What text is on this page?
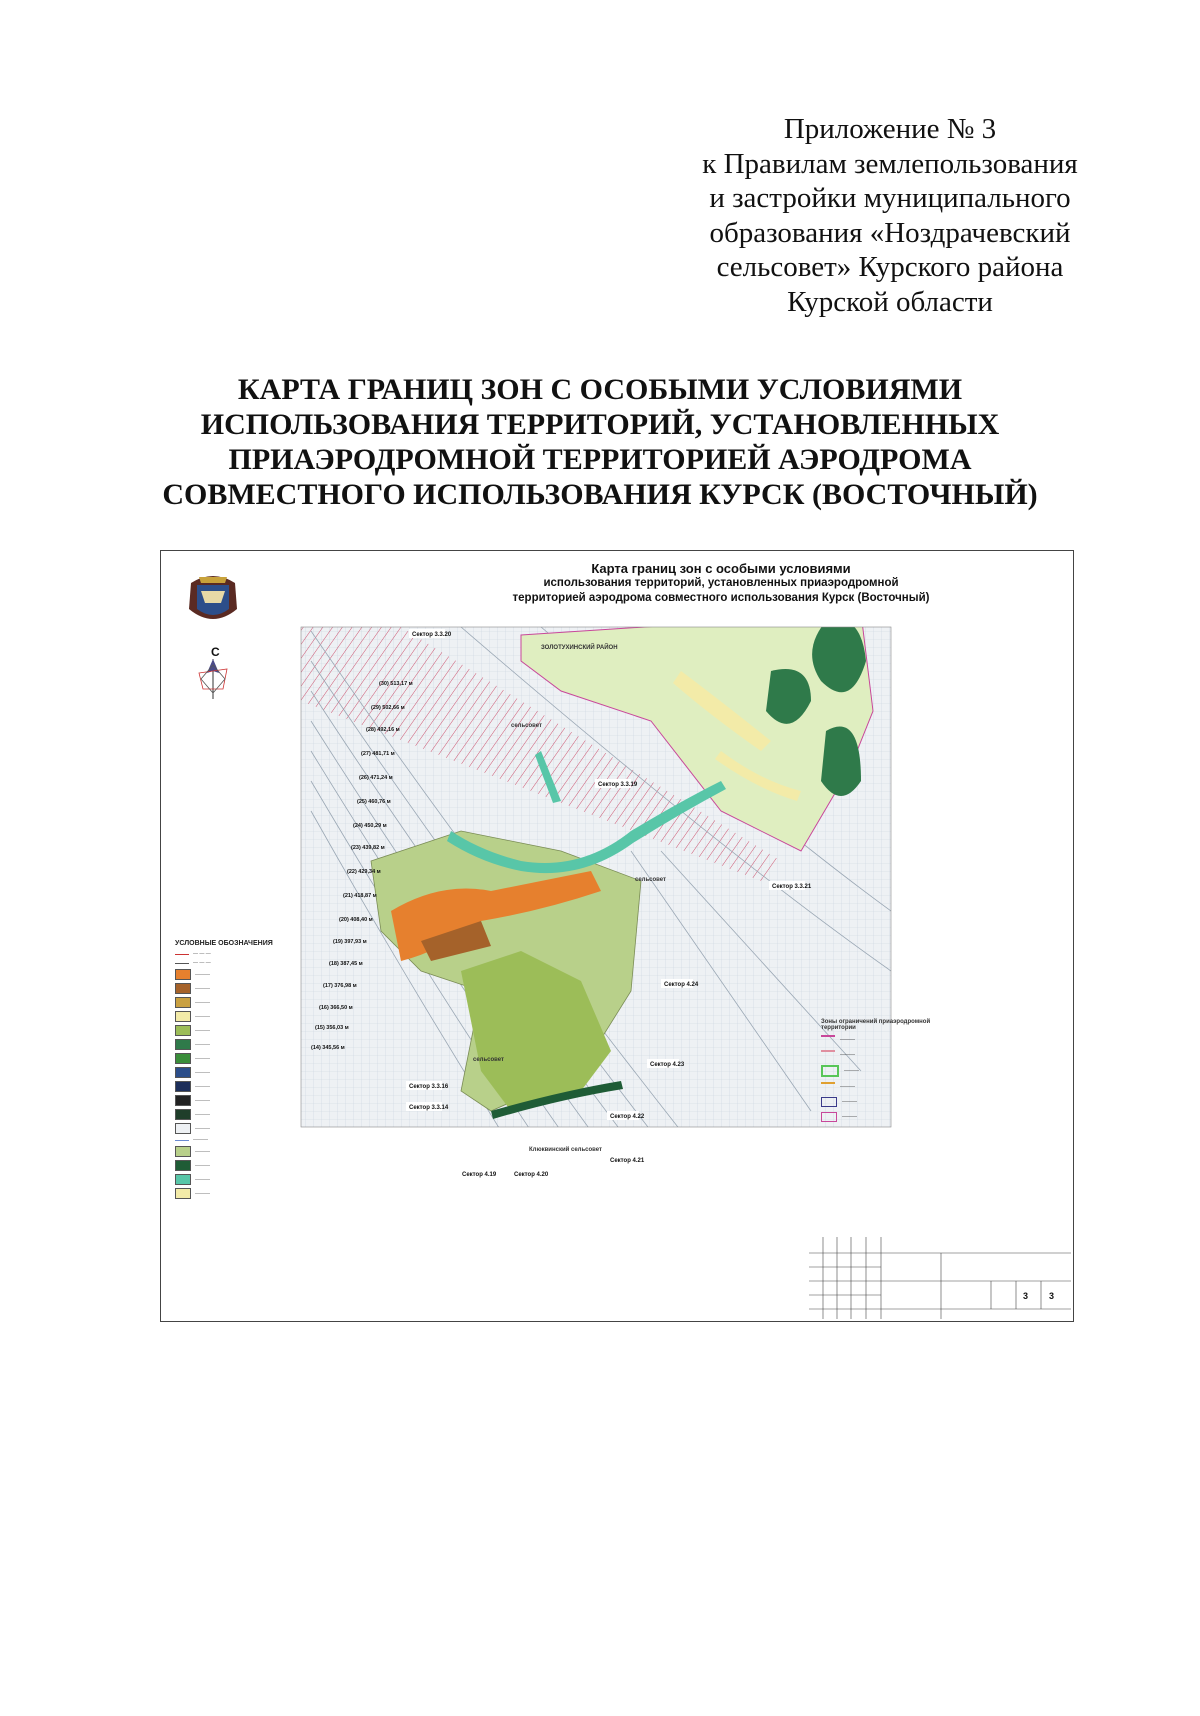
Приложение № 3
к Правилам землепользования
и застройки муниципального
образования «Ноздрачевский
сельсовет» Курского района
Курской области
КАРТА ГРАНИЦ ЗОН С ОСОБЫМИ УСЛОВИЯМИ
ИСПОЛЬЗОВАНИЯ ТЕРРИТОРИЙ, УСТАНОВЛЕННЫХ
ПРИАЭРОДРОМНОЙ ТЕРРИТОРИЕЙ АЭРОДРОМА
СОВМЕСТНОГО ИСПОЛЬЗОВАНИЯ КУРСК (ВОСТОЧНЫЙ)
Сектор 3.3.20
Сектор 3.3.19
Сектор 3.3.21
Сектор 4.24
Сектор 4.23
Сектор 4.22
Сектор 3.3.16
Сектор 3.3.14
Сектор 4.21
Сектор 4.19	Сектор 4.20
(30) 513,17 м
(29) 502,66 м
(28) 492,16 м
(27) 481,71 м
(26) 471,24 м
(25) 460,76 м
(24) 450,29 м
(23) 439,82 м
(22) 429,34 м
(21) 418,87 м
(20) 408,40 м
(19) 397,93 м
(18) 387,45 м
(17) 376,98 м
(16) 366,50 м
(15) 356,03 м
(14) 345,56 м
ЗОЛОТУХИНСКИЙ РАЙОН
сельсовет
сельсовет
сельсовет
Клюквинский сельсовет
3 3
Карта границ зон с особыми условиями
использования территорий, установленных приаэродромной
территорией аэродрома совместного использования Курск (Восточный)
С
УСЛОВНЫЕ ОБОЗНАЧЕНИЯ
— — —
— — —
———
———
———
———
———
———
———
———
———
———
———
———
———
———
———
———
———
Зоны ограничений приаэродромной территории
———
———
———
———
———
———
